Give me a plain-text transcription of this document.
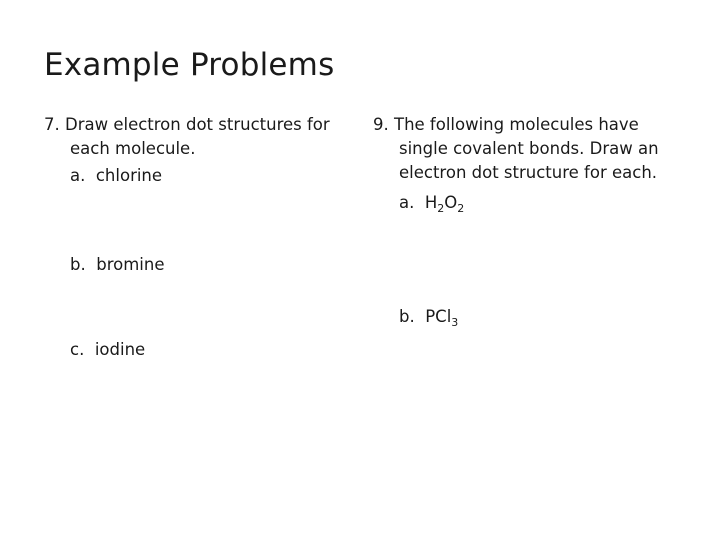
Example Problems

7. Draw electron dot structures for each molecule.

a. chlorine
b. bromine
c. iodine

9. The following molecules have single covalent bonds. Draw an electron dot structure for each.

a. $H_2O_2$
b. PCl$_3$
